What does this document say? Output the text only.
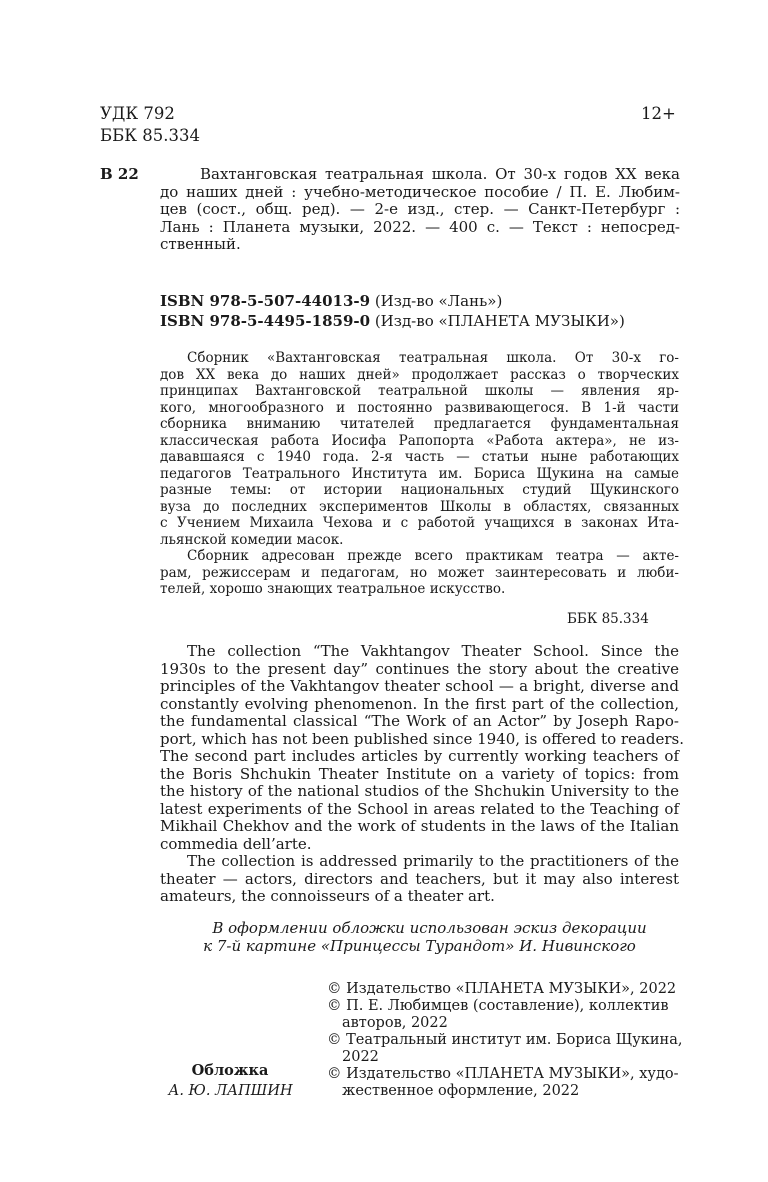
УДК 792
ББК 85.334
12+
В 22	Вахтанговская театральная школа. От 30-х годов XX века
до наших дней : учебно-методическое пособие / П. Е. Любим-
цев (сост., общ. ред). — 2-е изд., стер. — Санкт-Петербург :
Лань : Планета музыки, 2022. — 400 с. — Текст : непосред-
ственный.
ISBN 978-5-507-44013-9 (Изд-во «Лань»)
ISBN 978-5-4495-1859-0 (Изд-во «ПЛАНЕТА МУЗЫКИ»)
Сборник «Вахтанговская театральная школа. От 30-х го-
дов XX века до наших дней» продолжает рассказ о творческих
принципах Вахтанговской театральной школы — явления яр-
кого, многообразного и постоянно развивающегося. В 1-й части
сборника вниманию читателей предлагается фундаментальная
классическая работа Иосифа Рапопорта «Работа актера», не из-
дававшаяся с 1940 года. 2-я часть — статьи ныне работающих
педагогов Театрального Института им. Бориса Щукина на самые
разные темы: от истории национальных студий Щукинского
вуза до последних экспериментов Школы в областях, связанных
с Учением Михаила Чехова и с работой учащихся в законах Ита-
льянской комедии масок.
Сборник адресован прежде всего практикам театра — акте-
рам, режиссерам и педагогам, но может заинтересовать и люби-
телей, хорошо знающих театральное искусство.
ББК 85.334
The collection “The Vakhtangov Theater School. Since the
1930s to the present day” continues the story about the creative
principles of the Vakhtangov theater school — a bright, diverse and
constantly evolving phenomenon. In the first part of the collection,
the fundamental classical “The Work of an Actor” by Joseph Rapo-
port, which has not been published since 1940, is offered to readers.
The second part includes articles by currently working teachers of
the Boris Shchukin Theater Institute on a variety of topics: from
the history of the national studios of the Shchukin University to the
latest experiments of the School in areas related to the Teaching of
Mikhail Chekhov and the work of students in the laws of the Italian
commedia dell’arte.
The collection is addressed primarily to the practitioners of the
theater — actors, directors and teachers, but it may also interest
amateurs, the connoisseurs of a theater art.
В оформлении обложки использован эскиз декорации
к 7-й картине «Принцессы Турандот» И. Нивинского
Обложка
А. Ю. ЛАПШИН
© Издательство «ПЛАНЕТА МУЗЫКИ», 2022
© П. Е. Любимцев (составление), коллектив
авторов, 2022
© Театральный институт им. Бориса Щукина,
2022
© Издательство «ПЛАНЕТА МУЗЫКИ», худо-
жественное оформление, 2022
